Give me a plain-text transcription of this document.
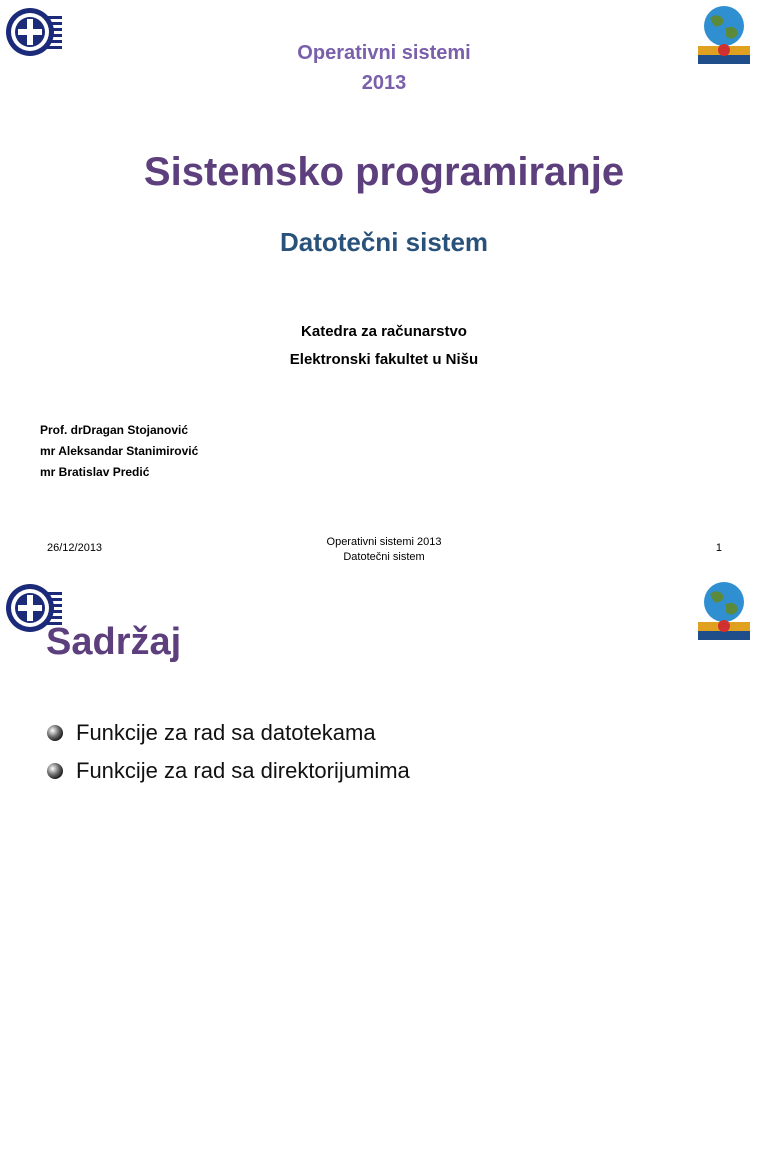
Operativni sistemi
2013
Sistemsko programiranje
Datotečni sistem
Katedra za računarstvo
Elektronski fakultet u Nišu
Prof. drDragan Stojanović
mr Aleksandar Stanimirović
mr Bratislav Predić
26/12/2013	Operativni sistemi 2013
Datotečni sistem
1
Sadržaj
Funkcije za rad sa datotekama
Funkcije za rad sa direktorijumima
